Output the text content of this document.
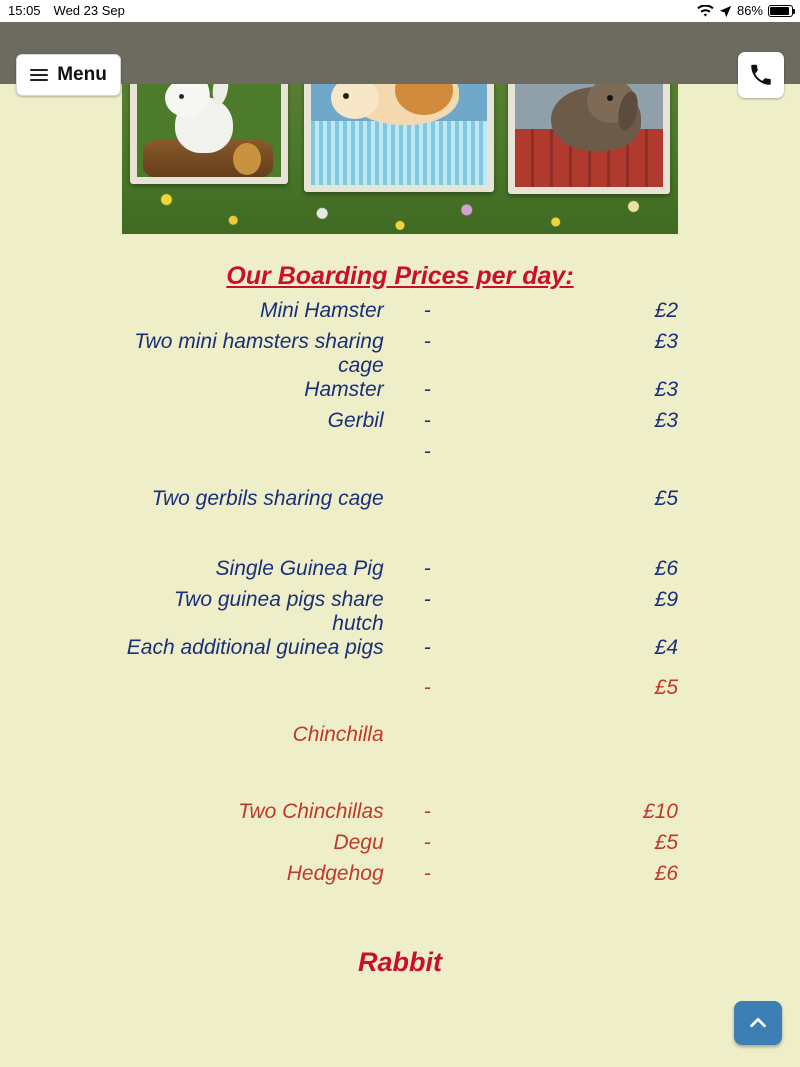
Menu
15:05 Wed 23 Sep	86%
Our Boarding Prices per day:
Mini Hamster	-	£2
Two mini hamsters sharing cage	-	£3
Hamster	-	£3
Gerbil	-	£3
	-	

Two gerbils sharing cage		£5

Single Guinea Pig	-	£6
Two guinea pigs share hutch	-	£9
Each additional guinea pigs	-	£4

	-	£5

Chinchilla		

Two Chinchillas	-	£10
Degu	-	£5
Hedgehog	-	£6
Rabbit
